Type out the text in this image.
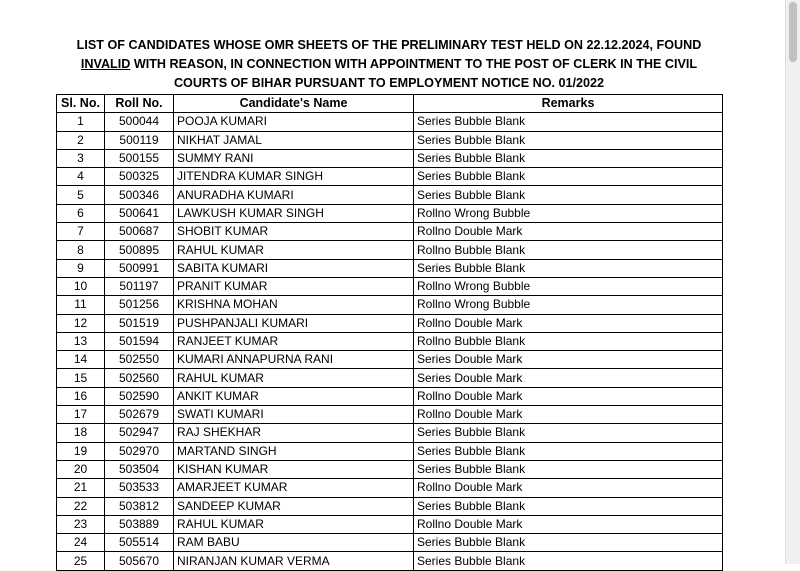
LIST OF CANDIDATES WHOSE OMR SHEETS OF THE PRELIMINARY TEST HELD ON 22.12.2024, FOUND
INVALID WITH REASON, IN CONNECTION WITH APPOINTMENT TO THE POST OF CLERK IN THE CIVIL
COURTS OF BIHAR PURSUANT TO EMPLOYMENT NOTICE NO. 01/2022
Sl. No.	Roll No.	Candidate's Name	Remarks
1	500044	POOJA KUMARI	Series Bubble Blank
2	500119	NIKHAT JAMAL	Series Bubble Blank
3	500155	SUMMY RANI	Series Bubble Blank
4	500325	JITENDRA KUMAR SINGH	Series Bubble Blank
5	500346	ANURADHA KUMARI	Series Bubble Blank
6	500641	LAWKUSH KUMAR SINGH	Rollno Wrong Bubble
7	500687	SHOBIT KUMAR	Rollno Double Mark
8	500895	RAHUL KUMAR	Rollno Bubble Blank
9	500991	SABITA KUMARI	Series Bubble Blank
10	501197	PRANIT KUMAR	Rollno Wrong Bubble
11	501256	KRISHNA MOHAN	Rollno Wrong Bubble
12	501519	PUSHPANJALI KUMARI	Rollno Double Mark
13	501594	RANJEET KUMAR	Rollno Bubble Blank
14	502550	KUMARI ANNAPURNA RANI	Series Double Mark
15	502560	RAHUL KUMAR	Series Double Mark
16	502590	ANKIT KUMAR	Rollno Double Mark
17	502679	SWATI KUMARI	Rollno Double Mark
18	502947	RAJ SHEKHAR	Series Bubble Blank
19	502970	MARTAND SINGH	Series Bubble Blank
20	503504	KISHAN KUMAR	Series Bubble Blank
21	503533	AMARJEET KUMAR	Rollno Double Mark
22	503812	SANDEEP KUMAR	Series Bubble Blank
23	503889	RAHUL KUMAR	Rollno Double Mark
24	505514	RAM BABU	Series Bubble Blank
25	505670	NIRANJAN KUMAR VERMA	Series Bubble Blank
